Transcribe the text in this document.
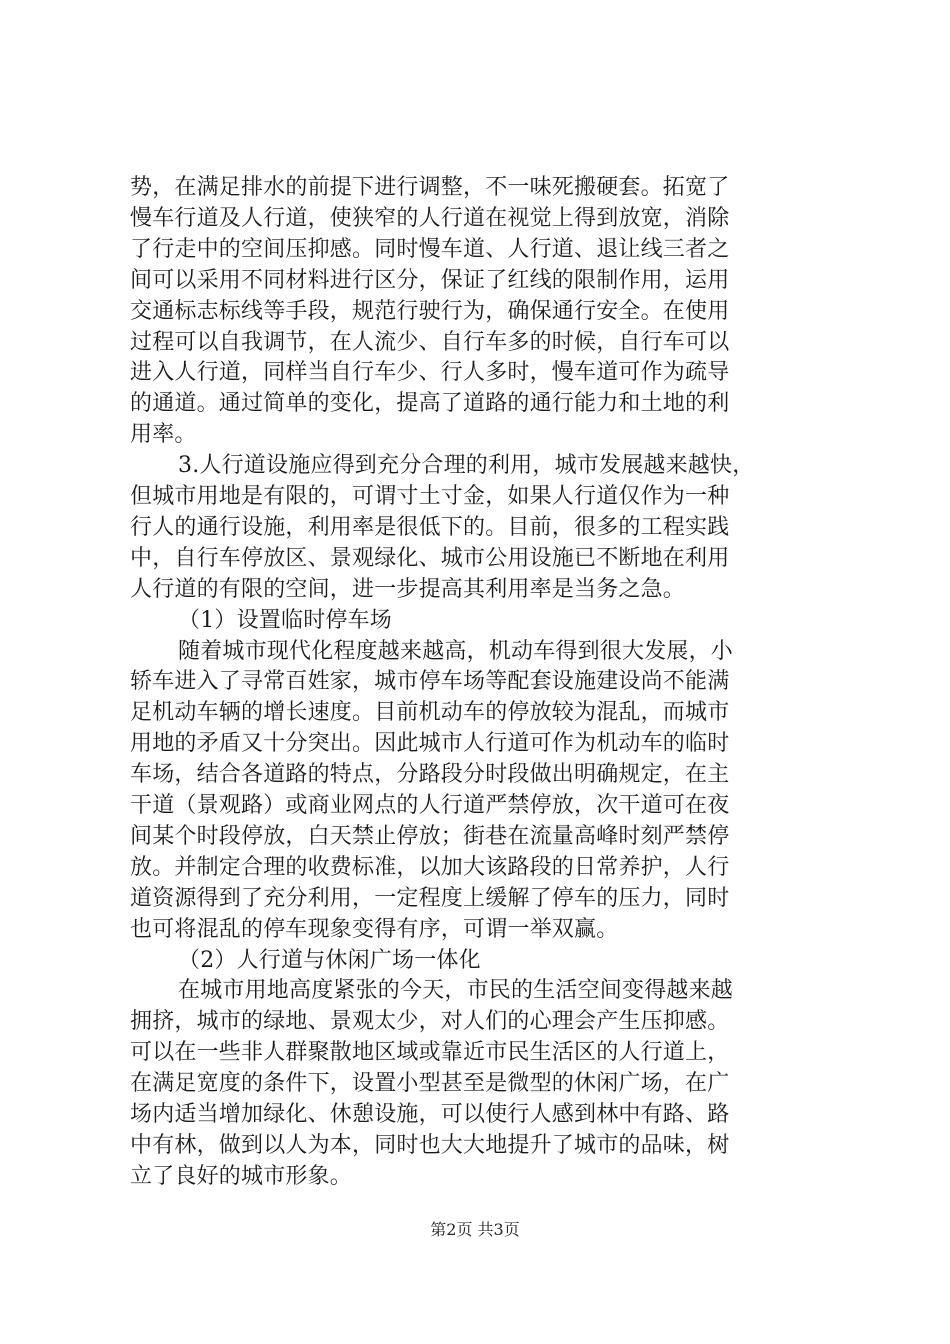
势，在满足排水的前提下进行调整，不一味死搬硬套。拓宽了
慢车行道及人行道，使狭窄的人行道在视觉上得到放宽，消除
了行走中的空间压抑感。同时慢车道、人行道、退让线三者之
间可以采用不同材料进行区分，保证了红线的限制作用，运用
交通标志标线等手段，规范行驶行为，确保通行安全。在使用
过程可以自我调节，在人流少、自行车多的时候，自行车可以
进入人行道，同样当自行车少、行人多时，慢车道可作为疏导
的通道。通过简单的变化，提高了道路的通行能力和土地的利
用率。
3.人行道设施应得到充分合理的利用，城市发展越来越快，
但城市用地是有限的，可谓寸土寸金，如果人行道仅作为一种
行人的通行设施，利用率是很低下的。目前，很多的工程实践
中，自行车停放区、景观绿化、城市公用设施已不断地在利用
人行道的有限的空间，进一步提高其利用率是当务之急。
（1）设置临时停车场
随着城市现代化程度越来越高，机动车得到很大发展，小
轿车进入了寻常百姓家，城市停车场等配套设施建设尚不能满
足机动车辆的增长速度。目前机动车的停放较为混乱，而城市
用地的矛盾又十分突出。因此城市人行道可作为机动车的临时
车场，结合各道路的特点，分路段分时段做出明确规定，在主
干道（景观路）或商业网点的人行道严禁停放，次干道可在夜
间某个时段停放，白天禁止停放；街巷在流量高峰时刻严禁停
放。并制定合理的收费标准，以加大该路段的日常养护，人行
道资源得到了充分利用，一定程度上缓解了停车的压力，同时
也可将混乱的停车现象变得有序，可谓一举双赢。
（2）人行道与休闲广场一体化
在城市用地高度紧张的今天，市民的生活空间变得越来越
拥挤，城市的绿地、景观太少，对人们的心理会产生压抑感。
可以在一些非人群聚散地区域或靠近市民生活区的人行道上，
在满足宽度的条件下，设置小型甚至是微型的休闲广场，在广
场内适当增加绿化、休憩设施，可以使行人感到林中有路、路
中有林，做到以人为本，同时也大大地提升了城市的品味，树
立了良好的城市形象。
第2页 共3页
